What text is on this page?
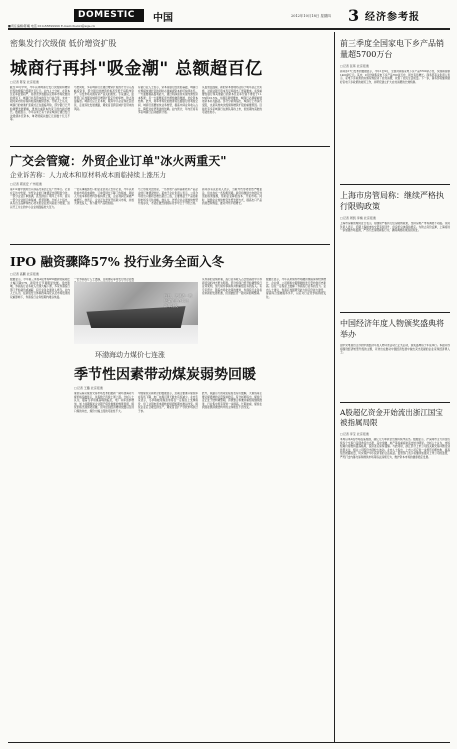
DOMESTIC 中国
■责任编辑/陈曦 电话:010-88899999 E-mail:chenxi@ssje.cn
2012年10月18日 星期四 3 经济参考报
密集发行次级债 低价增资扩股
城商行再抖"吸金潮" 总额超百亿
□记者 陈莹 北京报道
截至10月中旬，今年以来城商行发行次级债和增资扩股的规模已经超过百亿元。业内人士分析，在资本充足率监管趋严、存款竞争加剧以及利率市场化推进的背景下，城商行补充资本的压力日益凸显，未来一段时间内仍将保持较高的融资需求。分析人士认为，城商行的快速扩张模式正在面临考验，部分银行已开始调整发展策略，更加注重资本约束下的内涵式增长。数据显示，今年以来已有十余家城商行通过发行次级债补充资本，单笔规模从数亿元到数十亿元不等。
与此同时，多家城商行还通过增资扩股的方式引入战略投资者，部分银行的增资价格甚至低于每股净资产，引发市场对国有资产流失的担忧。专家建议，监管部门应加强对城商行增资扩股定价的审核，防止利益输送。城商行应立足本地，服务中小企业和社区居民，走差异化发展道路，避免盲目跨区域扩张带来的风险。
有银行业人士表示，资本是银行经营的基础，城商行在规模快速扩张的同时必须重视资本的可持续补充。一方面要提高盈利能力，通过利润留存实现内源性资本积累；另一方面要拓宽外源性融资渠道，优化资本结构。此外，利率市场化的推进将压缩银行的利差空间，城商行需要加快业务转型，提高中间业务收入占比，降低对存贷利差的依赖。业内预计，年内还将有多家城商行启动融资计划。
从监管层面看，新的资本管理办法将于明年起正式实施，对商业银行资本充足率提出了更高要求。系统重要性银行和其他银行的资本充足率分别不得低于11.5%和10.5%。为满足新规要求，城商行必须提前规划资本补充路径。部分分析师指出，城商行上市步伐受阻，也是其转向次级债和增资扩股的重要原因。目前仍有多家城商行在排队等待上市，但短期内获批的可能性较小。
广交会管窥：外贸企业订单"冰火两重天"
企业诉苦称：人力成本和原材料成本面临持续上涨压力
□记者 郭延安 广州报道
第112届中国进出口商品交易会正在广州举行。记者在走访中发现，外贸企业的订单情况出现明显分化：一部分企业订单饱满，甚至排到了明年上半年；而另一部分企业则订单锐减，经营困难。分析人士指出，具有自主品牌和核心技术的企业抗风险能力较强，而以代工为主的中小企业则面临较大压力。
一位从事服装出口的企业负责人告诉记者，今年以来欧美市场需求疲软，订单量同比下降了约两成，同时人力成本和原材料价格持续上涨，企业利润空间被严重挤压。他表示，企业正在尝试开拓新兴市场，并加大研发投入，努力提升产品附加值。
与之形成对比的是，一些机电产品和高新技术产品企业的订单情况较好。某电子企业负责人表示，公司今年的出口额同比增长超过三成，主要得益于产品创新和市场多元化战略。他认为，外贸企业必须加快转型升级步伐，才能在激烈的国际竞争中立于不败之地。
商务部有关负责人表示，当前外贸形势依然严峻复杂，但也存在一些积极因素。政府将继续出台稳定外需的政策措施，帮助企业降低成本、开拓市场。同时，鼓励企业加快转变外贸发展方式，提高出口产品的质量和效益，推动外贸平稳增长。
IPO 融资骤降57% 投行业务全面入冬
□记者 高鹏 北京报道
数据显示，今年前三季度A股市场IPO融资规模同比大幅下降57%，新股发行节奏明显放缓。受此影响，券商投行业务收入出现大幅下滑，多家券商投行部门开始裁员或减薪，投行业务全面进入寒冬。业内人士认为，在新股发行体制改革深化以及市场低迷的双重影响下，券商投行业务短期内难以恢复。
一位券商投行人士透露，目前排队等待发行的企业数	从券商的业绩来看，投行业务收入占比较高的中小券商受到的冲击更为明显。部分券商已经开始调整投行业务架构，加大债券承销和并购重组业务的投入。有专家预计，随着市场化改革的推进，券商投行业务将迎来新的发展机遇，但需要经历一段时间的调整期。
数据还显示，今年以来债券市场融资规模保持较快增长，企业债、公司债和中期票据的发行量均创历史新高。这在一定程度上缓解了券商投行业务的压力。业内人士建议，券商应加强研究能力和定价能力建设，提高综合金融服务水平，以应对行业竞争格局的变化。
近日，天津港一艘
运煤船正在卸货
新华社发
环渤海动力煤价七连涨
季节性因素带动煤炭弱势回暖
□记者 王璐 北京报道
秦皇岛海运煤炭交易市场发布的最新一期环渤海动力煤价格指数显示，该指数已连续七周上涨。分析人士认为，随着冬季用煤高峰的临近，电厂补库需求增加，加上前期煤炭企业限产保价措施的效果显现，煤炭价格出现弱势回暖。但考虑到经济增速放缓以及进口煤的冲击，煤价大幅上涨的可能性不大。
中国煤炭运销协会的数据显示，近期主要港口煤炭库存有所下降，电厂存煤可用天数也有所减少。业内专家表示，冬季取暖用煤需求将在一定程度上支撑煤价，但工业用电需求疲软的局面短期内难以改变。煤炭企业应合理安排生产，避免盲目扩产导致市场供过于求。
此外，铁路运力的紧张程度也有所缓解，大秦线等主要运煤通道的运量保持稳定。有分析师指出，煤炭行业正处于结构调整期，资源整合和兼并重组将继续推进，行业集中度有望进一步提高。长期来看，煤炭在我国能源消费结构中的主体地位不会改变。
前三季度全国家电下乡产品销量超5700万台
□记者 张莫 北京报道
商务部17日发布的数据显示，今年1至9月，全国共销售家电下乡产品5700余万台，实现销售额1400余亿元。其中，9月份销售家电下乡产品700余万台，同比有所增长。商务部有关负责人表示，家电下乡政策的实施有效拉动了农村消费，改善了农民生活质量。下一步，商务部将继续做好家电下乡政策的收尾工作，并研究建立扩大农村消费的长效机制。
上海市房管局称：继续严格执行限购政策
□记者 周凯 李楠 北京报道
上海市房屋管理局近日表示，将继续严格执行住房限购政策，坚持房地产市场调控不动摇。该局负责人表示，近期上海楼市成交量有所回升，但房价总体保持稳定。为防止房价反弹，上海将进一步加强市场监测，严厉打击违规销售行为，确保调控政策落到实处。
中国经济年度人物颁奖盛典将举办
由中央电视台主办的中国经济年度人物评选活动已正式启动，颁奖盛典将于年底举行。本届评选将围绕经济转型升级的主题，评选出在推动中国经济发展中做出突出贡献的企业家和经济界人士。
A股超亿资金开始流出浙江国宝被指属局限
□记者 李宝 北京报道
本周以来A股市场震荡加剧，超亿元大单资金出现持续净流出。数据显示，沪深两市主力资金连续多个交易日呈现净流出态势，其中金融、地产等权重板块流出较为明显。分析人士认为，市场短期仍将维持震荡格局，投资者应保持谨慎。与此同时，浙江部分上市公司因关联交易问题受到监管关注，相关公司股价出现较大波动。业内人士指出，上市公司应进一步规范治理结构，提高信息披露质量，切实保护中小投资者的合法权益。监管部门表示将继续加强对上市公司的监管，严厉打击内幕交易和操纵市场等违法违规行为，维护资本市场的健康稳定发展。
